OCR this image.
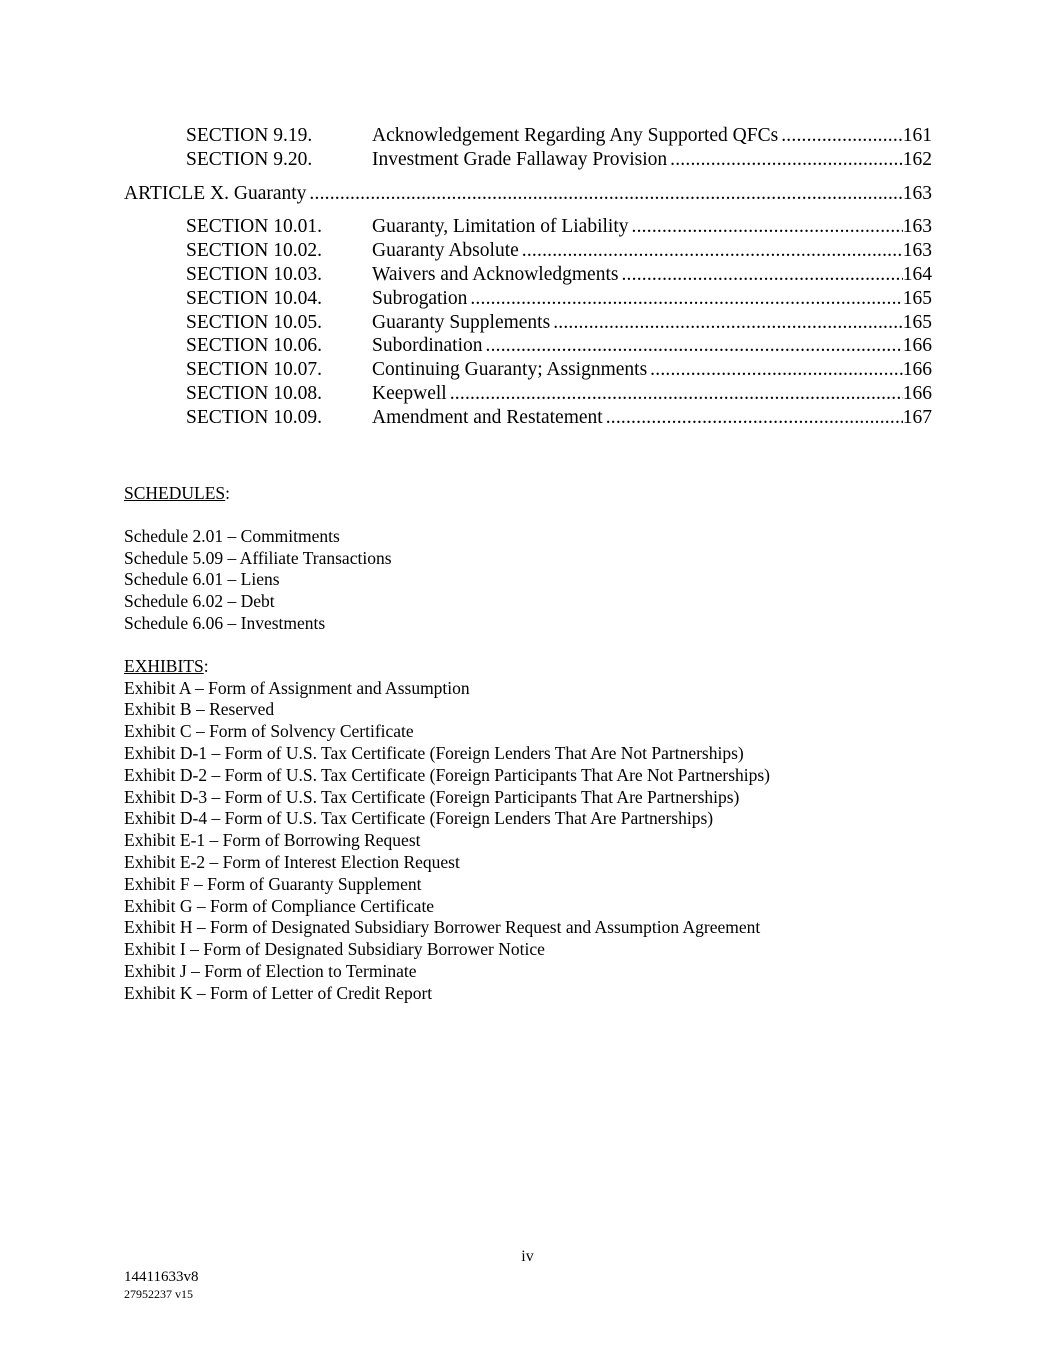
SECTION 9.19.	Acknowledgement Regarding Any Supported QFCs .....	161
SECTION 9.20.	Investment Grade Fallaway Provision .....	162
ARTICLE X. Guaranty .....	163
SECTION 10.01.	Guaranty, Limitation of Liability .....	163
SECTION 10.02.	Guaranty Absolute .....	163
SECTION 10.03.	Waivers and Acknowledgments .....	164
SECTION 10.04.	Subrogation .....	165
SECTION 10.05.	Guaranty Supplements .....	165
SECTION 10.06.	Subordination .....	166
SECTION 10.07.	Continuing Guaranty; Assignments .....	166
SECTION 10.08.	Keepwell .....	166
SECTION 10.09.	Amendment and Restatement .....	167

SCHEDULES:

Schedule 2.01 – Commitments

Schedule 5.09 – Affiliate Transactions

Schedule 6.01 – Liens

Schedule 6.02 – Debt

Schedule 6.06 – Investments

EXHIBITS:

Exhibit A – Form of Assignment and Assumption

Exhibit B – Reserved

Exhibit C – Form of Solvency Certificate

Exhibit D-1 – Form of U.S. Tax Certificate (Foreign Lenders That Are Not Partnerships)

Exhibit D-2 – Form of U.S. Tax Certificate (Foreign Participants That Are Not Partnerships)

Exhibit D-3 – Form of U.S. Tax Certificate (Foreign Participants That Are Partnerships)

Exhibit D-4 – Form of U.S. Tax Certificate (Foreign Lenders That Are Partnerships)

Exhibit E-1 – Form of Borrowing Request

Exhibit E-2 – Form of Interest Election Request

Exhibit F – Form of Guaranty Supplement

Exhibit G – Form of Compliance Certificate

Exhibit H – Form of Designated Subsidiary Borrower Request and Assumption Agreement

Exhibit I – Form of Designated Subsidiary Borrower Notice

Exhibit J – Form of Election to Terminate

Exhibit K – Form of Letter of Credit Report

iv
14411633v8
27952237 v15
